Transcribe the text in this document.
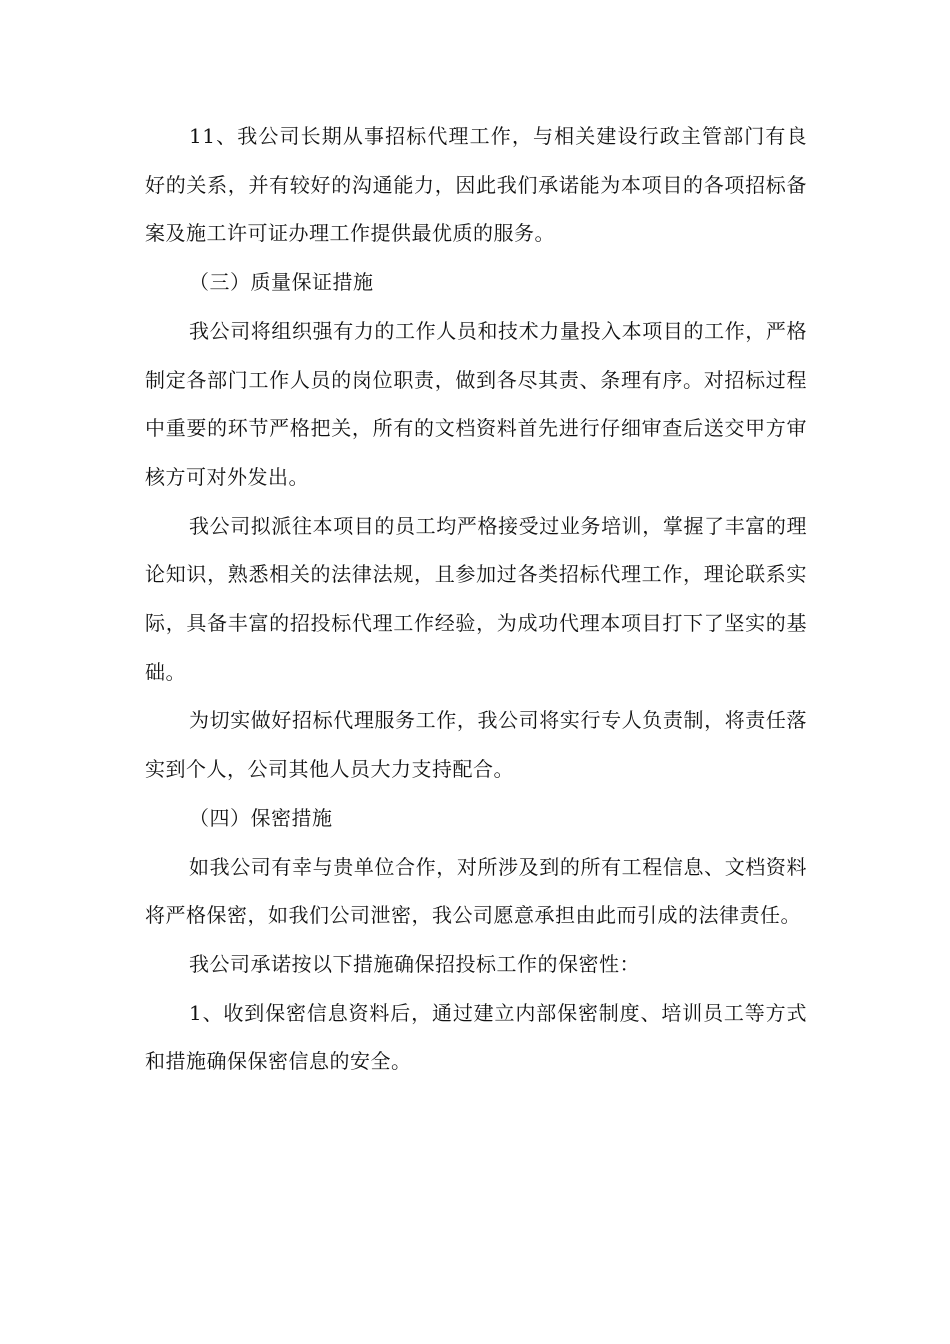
11、我公司长期从事招标代理工作，与相关建设行政主管部门有良好的关系，并有较好的沟通能力，因此我们承诺能为本项目的各项招标备案及施工许可证办理工作提供最优质的服务。

（三）质量保证措施

我公司将组织强有力的工作人员和技术力量投入本项目的工作，严格制定各部门工作人员的岗位职责，做到各尽其责、条理有序。对招标过程中重要的环节严格把关，所有的文档资料首先进行仔细审查后送交甲方审核方可对外发出。

我公司拟派往本项目的员工均严格接受过业务培训，掌握了丰富的理论知识，熟悉相关的法律法规，且参加过各类招标代理工作，理论联系实际，具备丰富的招投标代理工作经验，为成功代理本项目打下了坚实的基础。

为切实做好招标代理服务工作，我公司将实行专人负责制，将责任落实到个人，公司其他人员大力支持配合。

（四）保密措施

如我公司有幸与贵单位合作，对所涉及到的所有工程信息、文档资料将严格保密，如我们公司泄密，我公司愿意承担由此而引成的法律责任。

我公司承诺按以下措施确保招投标工作的保密性：

1、收到保密信息资料后，通过建立内部保密制度、培训员工等方式和措施确保保密信息的安全。
